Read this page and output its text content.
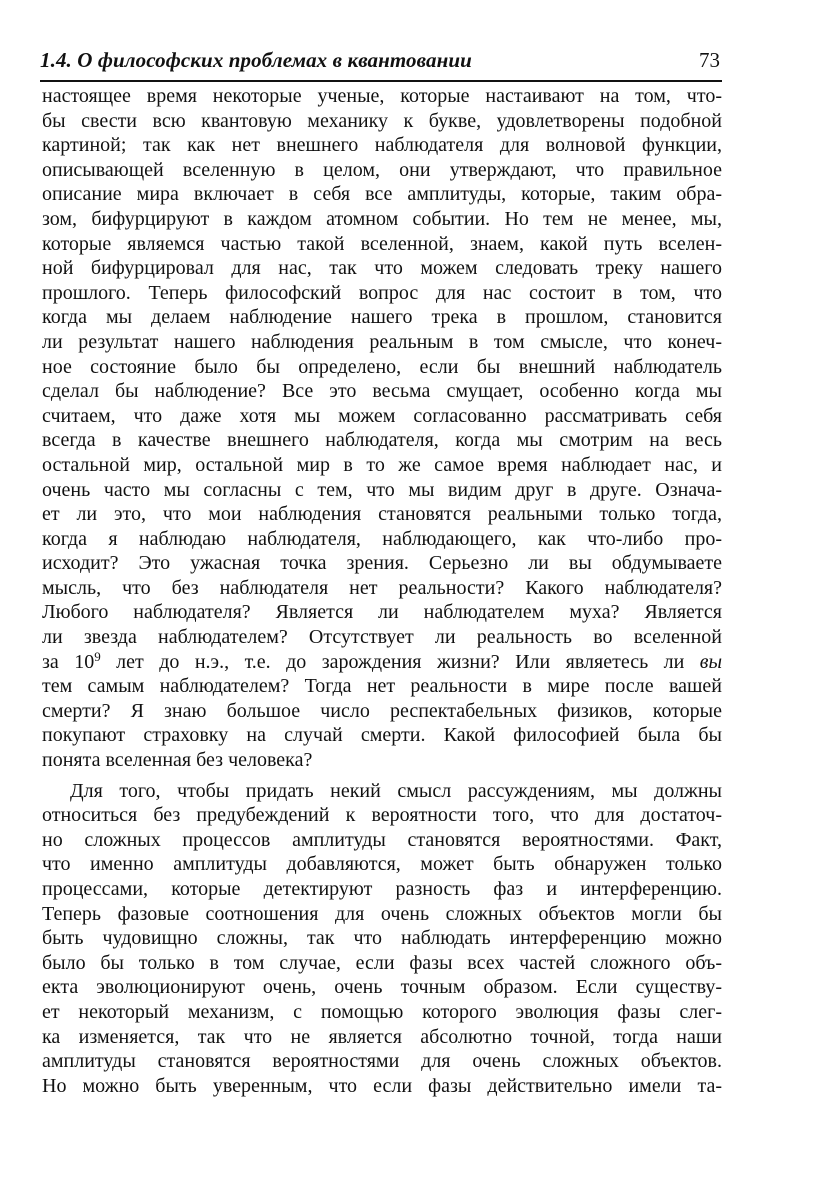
1.4. О философских проблемах в квантовании	73
настоящее время некоторые ученые, которые настаивают на том, что-
бы свести всю квантовую механику к букве, удовлетворены подобной
картиной; так как нет внешнего наблюдателя для волновой функции,
описывающей вселенную в целом, они утверждают, что правильное
описание мира включает в себя все амплитуды, которые, таким обра-
зом, бифурцируют в каждом атомном событии. Но тем не менее, мы,
которые являемся частью такой вселенной, знаем, какой путь вселен-
ной бифурцировал для нас, так что можем следовать треку нашего
прошлого. Теперь философский вопрос для нас состоит в том, что
когда мы делаем наблюдение нашего трека в прошлом, становится
ли результат нашего наблюдения реальным в том смысле, что конеч-
ное состояние было бы определено, если бы внешний наблюдатель
сделал бы наблюдение? Все это весьма смущает, особенно когда мы
считаем, что даже хотя мы можем согласованно рассматривать себя
всегда в качестве внешнего наблюдателя, когда мы смотрим на весь
остальной мир, остальной мир в то же самое время наблюдает нас, и
очень часто мы согласны с тем, что мы видим друг в друге. Означа-
ет ли это, что мои наблюдения становятся реальными только тогда,
когда я наблюдаю наблюдателя, наблюдающего, как что-либо про-
исходит? Это ужасная точка зрения. Серьезно ли вы обдумываете
мысль, что без наблюдателя нет реальности? Какого наблюдателя?
Любого наблюдателя? Является ли наблюдателем муха? Является
ли звезда наблюдателем? Отсутствует ли реальность во вселенной
за $10^9$ лет до н.э., т.е. до зарождения жизни? Или являетесь ли вы
тем самым наблюдателем? Тогда нет реальности в мире после вашей
смерти? Я знаю большое число респектабельных физиков, которые
покупают страховку на случай смерти. Какой философией была бы
понята вселенная без человека?
Для того, чтобы придать некий смысл рассуждениям, мы должны
относиться без предубеждений к вероятности того, что для достаточ-
но сложных процессов амплитуды становятся вероятностями. Факт,
что именно амплитуды добавляются, может быть обнаружен только
процессами, которые детектируют разность фаз и интерференцию.
Теперь фазовые соотношения для очень сложных объектов могли бы
быть чудовищно сложны, так что наблюдать интерференцию можно
было бы только в том случае, если фазы всех частей сложного объ-
екта эволюционируют очень, очень точным образом. Если существу-
ет некоторый механизм, с помощью которого эволюция фазы слег-
ка изменяется, так что не является абсолютно точной, тогда наши
амплитуды становятся вероятностями для очень сложных объектов.
Но можно быть уверенным, что если фазы действительно имели та-
